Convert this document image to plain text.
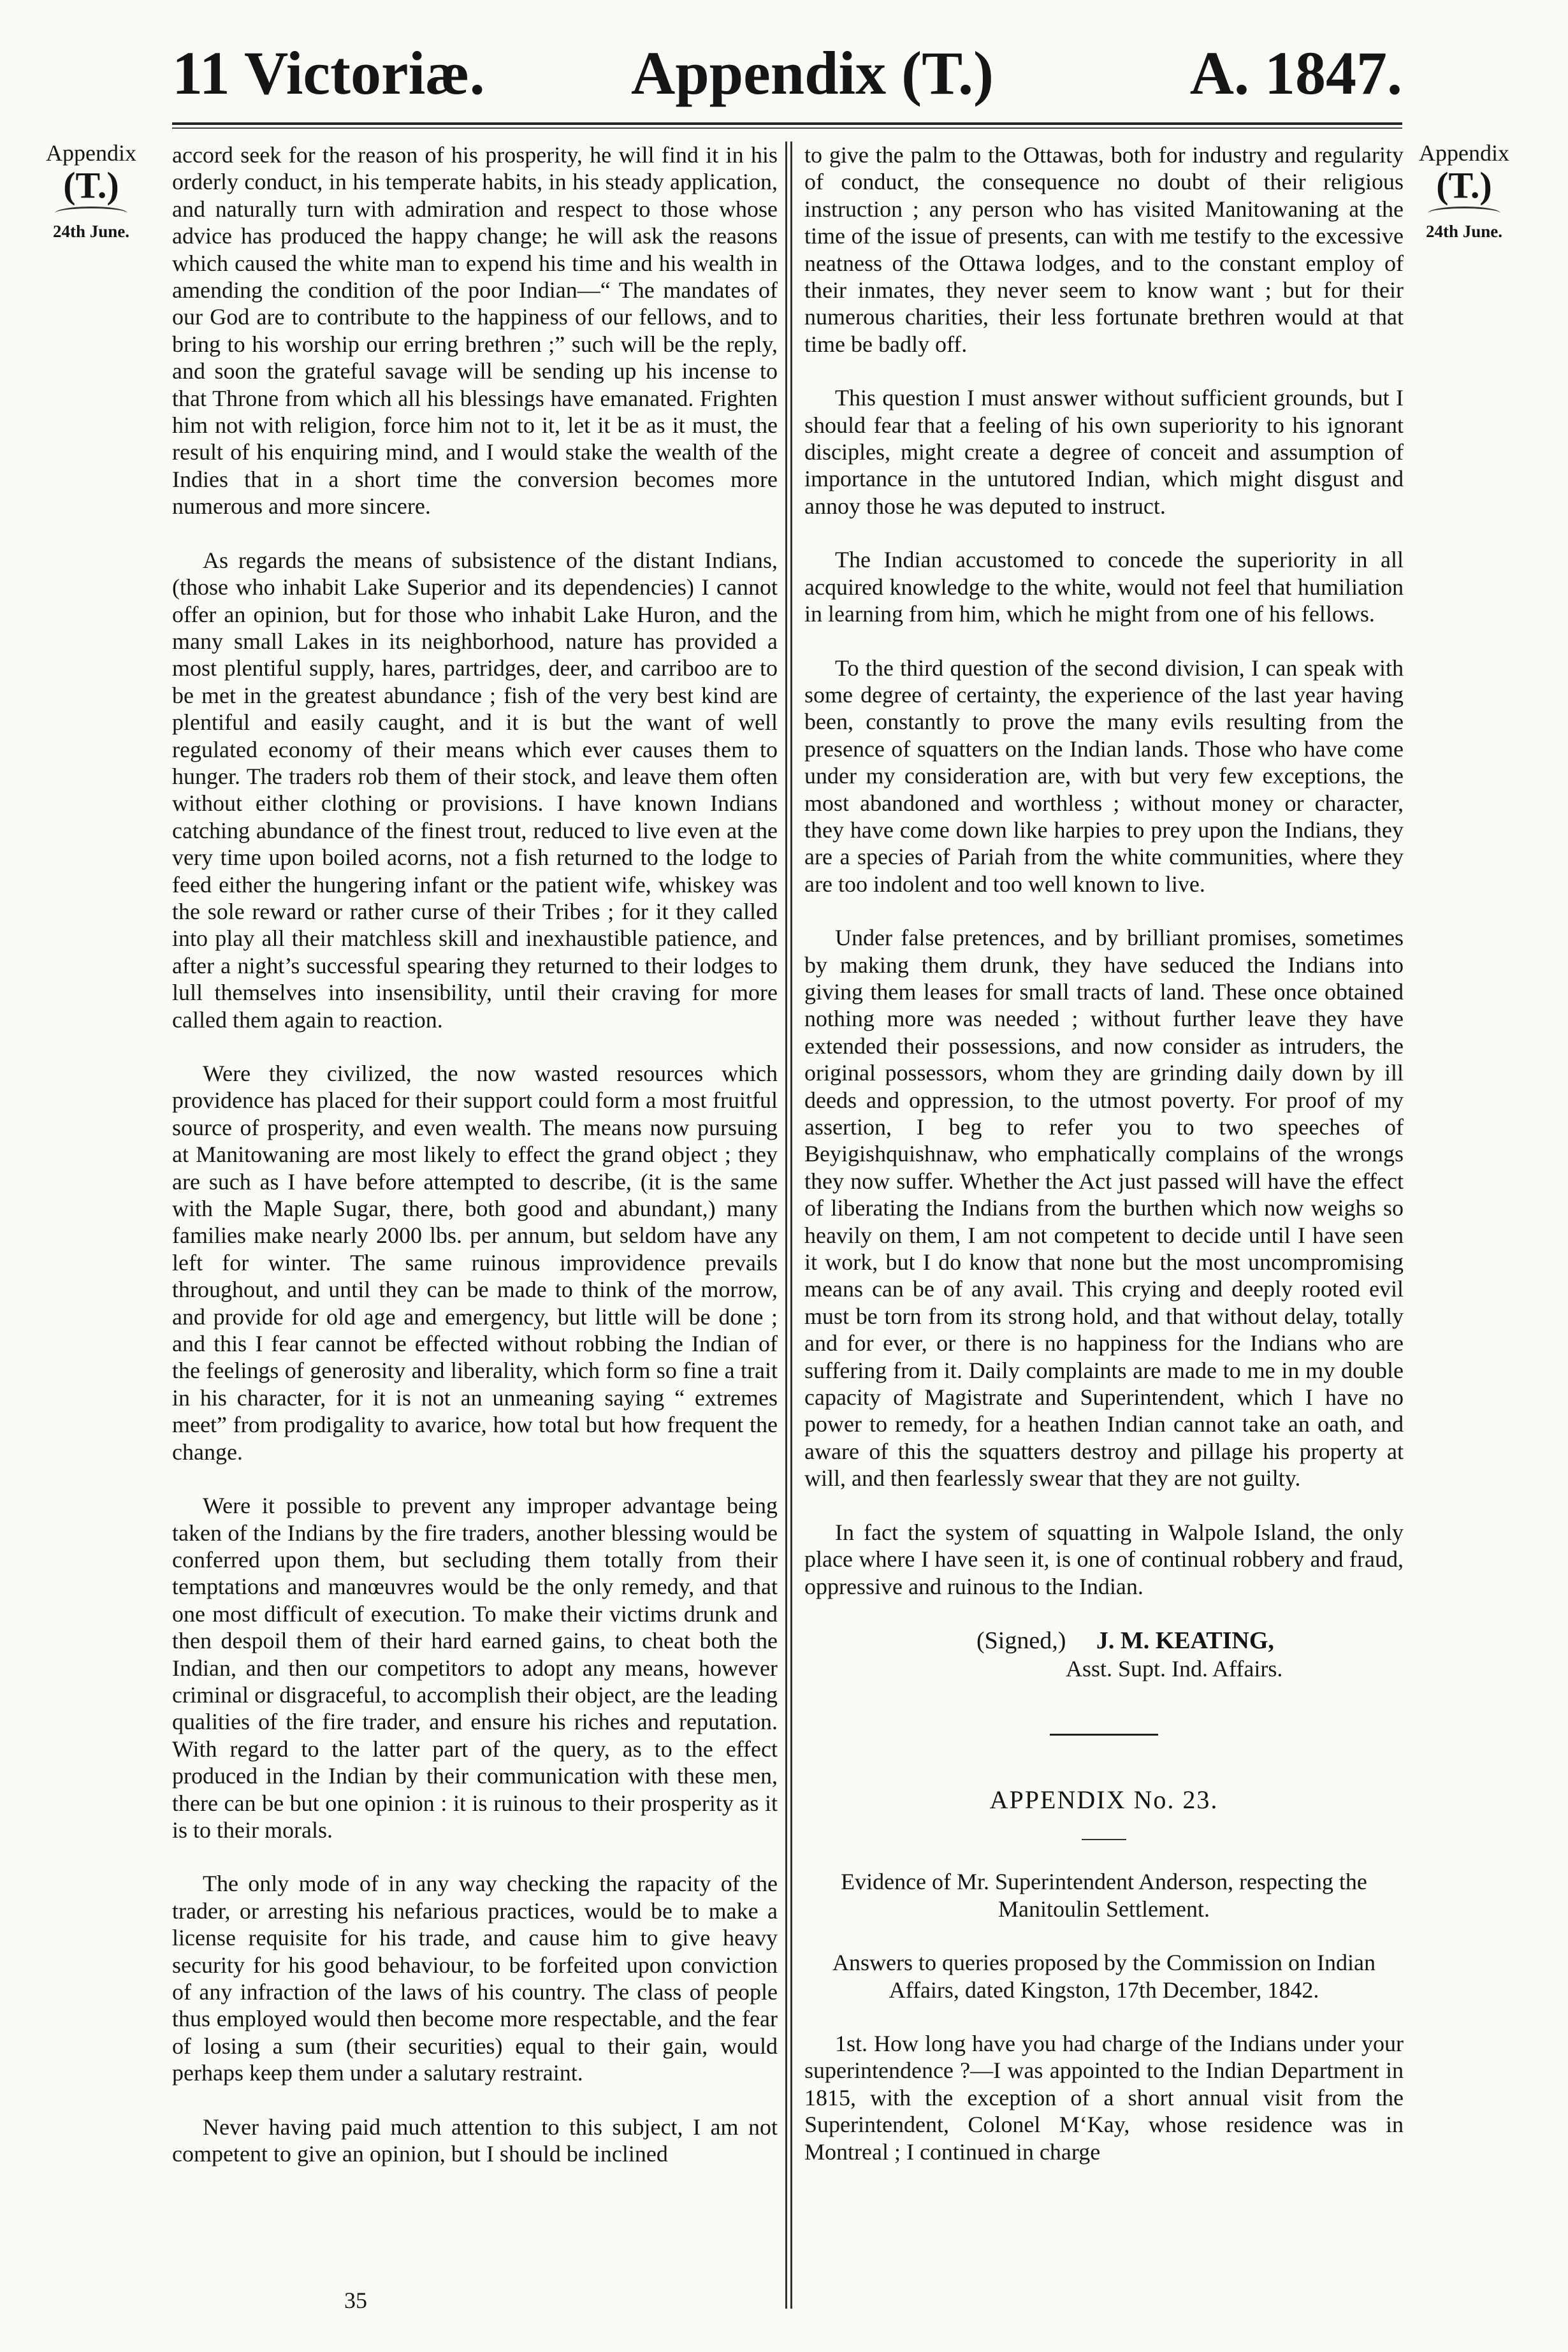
11 Victoriæ. Appendix (T.)	A. 1847.
Appendix
(T.)
24th June.
Appendix
(T.)
24th June.

accord seek for the reason of his prosperity, he will find it in his orderly conduct, in his temperate habits, in his steady application, and naturally turn with admiration and respect to those whose advice has produced the happy change; he will ask the reasons which caused the white man to expend his time and his wealth in amending the condition of the poor Indian—“ The mandates of our God are to contribute to the happiness of our fellows, and to bring to his worship our erring brethren ;” such will be the reply, and soon the grateful savage will be sending up his incense to that Throne from which all his blessings have emanated. Frighten him not with religion, force him not to it, let it be as it must, the result of his enquiring mind, and I would stake the wealth of the Indies that in a short time the conversion becomes more numerous and more sincere.

As regards the means of subsistence of the distant Indians, (those who inhabit Lake Superior and its dependencies) I cannot offer an opinion, but for those who inhabit Lake Huron, and the many small Lakes in its neighborhood, nature has provided a most plentiful supply, hares, partridges, deer, and carriboo are to be met in the greatest abundance ; fish of the very best kind are plentiful and easily caught, and it is but the want of well regulated economy of their means which ever causes them to hunger. The traders rob them of their stock, and leave them often without either clothing or provisions. I have known Indians catching abundance of the finest trout, reduced to live even at the very time upon boiled acorns, not a fish returned to the lodge to feed either the hungering infant or the patient wife, whiskey was the sole reward or rather curse of their Tribes ; for it they called into play all their matchless skill and inexhaustible patience, and after a night’s successful spearing they returned to their lodges to lull themselves into insensibility, until their craving for more called them again to reaction.

Were they civilized, the now wasted resources which providence has placed for their support could form a most fruitful source of prosperity, and even wealth. The means now pursuing at Manitowaning are most likely to effect the grand object ; they are such as I have before attempted to describe, (it is the same with the Maple Sugar, there, both good and abundant,) many families make nearly 2000 lbs. per annum, but seldom have any left for winter. The same ruinous improvidence prevails throughout, and until they can be made to think of the morrow, and provide for old age and emergency, but little will be done ; and this I fear cannot be effected without robbing the Indian of the feelings of generosity and liberality, which form so fine a trait in his character, for it is not an unmeaning saying “ extremes meet” from prodigality to avarice, how total but how frequent the change.

Were it possible to prevent any improper advantage being taken of the Indians by the fire traders, another blessing would be conferred upon them, but secluding them totally from their temptations and manœuvres would be the only remedy, and that one most difficult of execution. To make their victims drunk and then despoil them of their hard earned gains, to cheat both the Indian, and then our competitors to adopt any means, however criminal or disgraceful, to accomplish their object, are the leading qualities of the fire trader, and ensure his riches and reputation. With regard to the latter part of the query, as to the effect produced in the Indian by their communication with these men, there can be but one opinion : it is ruinous to their prosperity as it is to their morals.

The only mode of in any way checking the rapacity of the trader, or arresting his nefarious practices, would be to make a license requisite for his trade, and cause him to give heavy security for his good behaviour, to be forfeited upon conviction of any infraction of the laws of his country. The class of people thus employed would then become more respectable, and the fear of losing a sum (their securities) equal to their gain, would perhaps keep them under a salutary restraint.

Never having paid much attention to this subject, I am not competent to give an opinion, but I should be inclined

to give the palm to the Ottawas, both for industry and regularity of conduct, the consequence no doubt of their religious instruction ; any person who has visited Manitowaning at the time of the issue of presents, can with me testify to the excessive neatness of the Ottawa lodges, and to the constant employ of their inmates, they never seem to know want ; but for their numerous charities, their less fortunate brethren would at that time be badly off.

This question I must answer without sufficient grounds, but I should fear that a feeling of his own superiority to his ignorant disciples, might create a degree of conceit and assumption of importance in the untutored Indian, which might disgust and annoy those he was deputed to instruct.

The Indian accustomed to concede the superiority in all acquired knowledge to the white, would not feel that humiliation in learning from him, which he might from one of his fellows.

To the third question of the second division, I can speak with some degree of certainty, the experience of the last year having been, constantly to prove the many evils resulting from the presence of squatters on the Indian lands. Those who have come under my consideration are, with but very few exceptions, the most abandoned and worthless ; without money or character, they have come down like harpies to prey upon the Indians, they are a species of Pariah from the white communities, where they are too indolent and too well known to live.

Under false pretences, and by brilliant promises, sometimes by making them drunk, they have seduced the Indians into giving them leases for small tracts of land. These once obtained nothing more was needed ; without further leave they have extended their possessions, and now consider as intruders, the original possessors, whom they are grinding daily down by ill deeds and oppression, to the utmost poverty. For proof of my assertion, I beg to refer you to two speeches of Beyigishquishnaw, who emphatically complains of the wrongs they now suffer. Whether the Act just passed will have the effect of liberating the Indians from the burthen which now weighs so heavily on them, I am not competent to decide until I have seen it work, but I do know that none but the most uncompromising means can be of any avail. This crying and deeply rooted evil must be torn from its strong hold, and that without delay, totally and for ever, or there is no happiness for the Indians who are suffering from it. Daily complaints are made to me in my double capacity of Magistrate and Superintendent, which I have no power to remedy, for a heathen Indian cannot take an oath, and aware of this the squatters destroy and pillage his property at will, and then fearlessly swear that they are not guilty.

In fact the system of squatting in Walpole Island, the only place where I have seen it, is one of continual robbery and fraud, oppressive and ruinous to the Indian.

(Signed,) J. M. KEATING,
Asst. Supt. Ind. Affairs.
APPENDIX No. 23.

Evidence of Mr. Superintendent Anderson, respecting the Manitoulin Settlement.

Answers to queries proposed by the Commission on Indian Affairs, dated Kingston, 17th December, 1842.

1st. How long have you had charge of the Indians under your superintendence ?—I was appointed to the Indian Department in 1815, with the exception of a short annual visit from the Superintendent, Colonel M‘Kay, whose residence was in Montreal ; I continued in charge

35
